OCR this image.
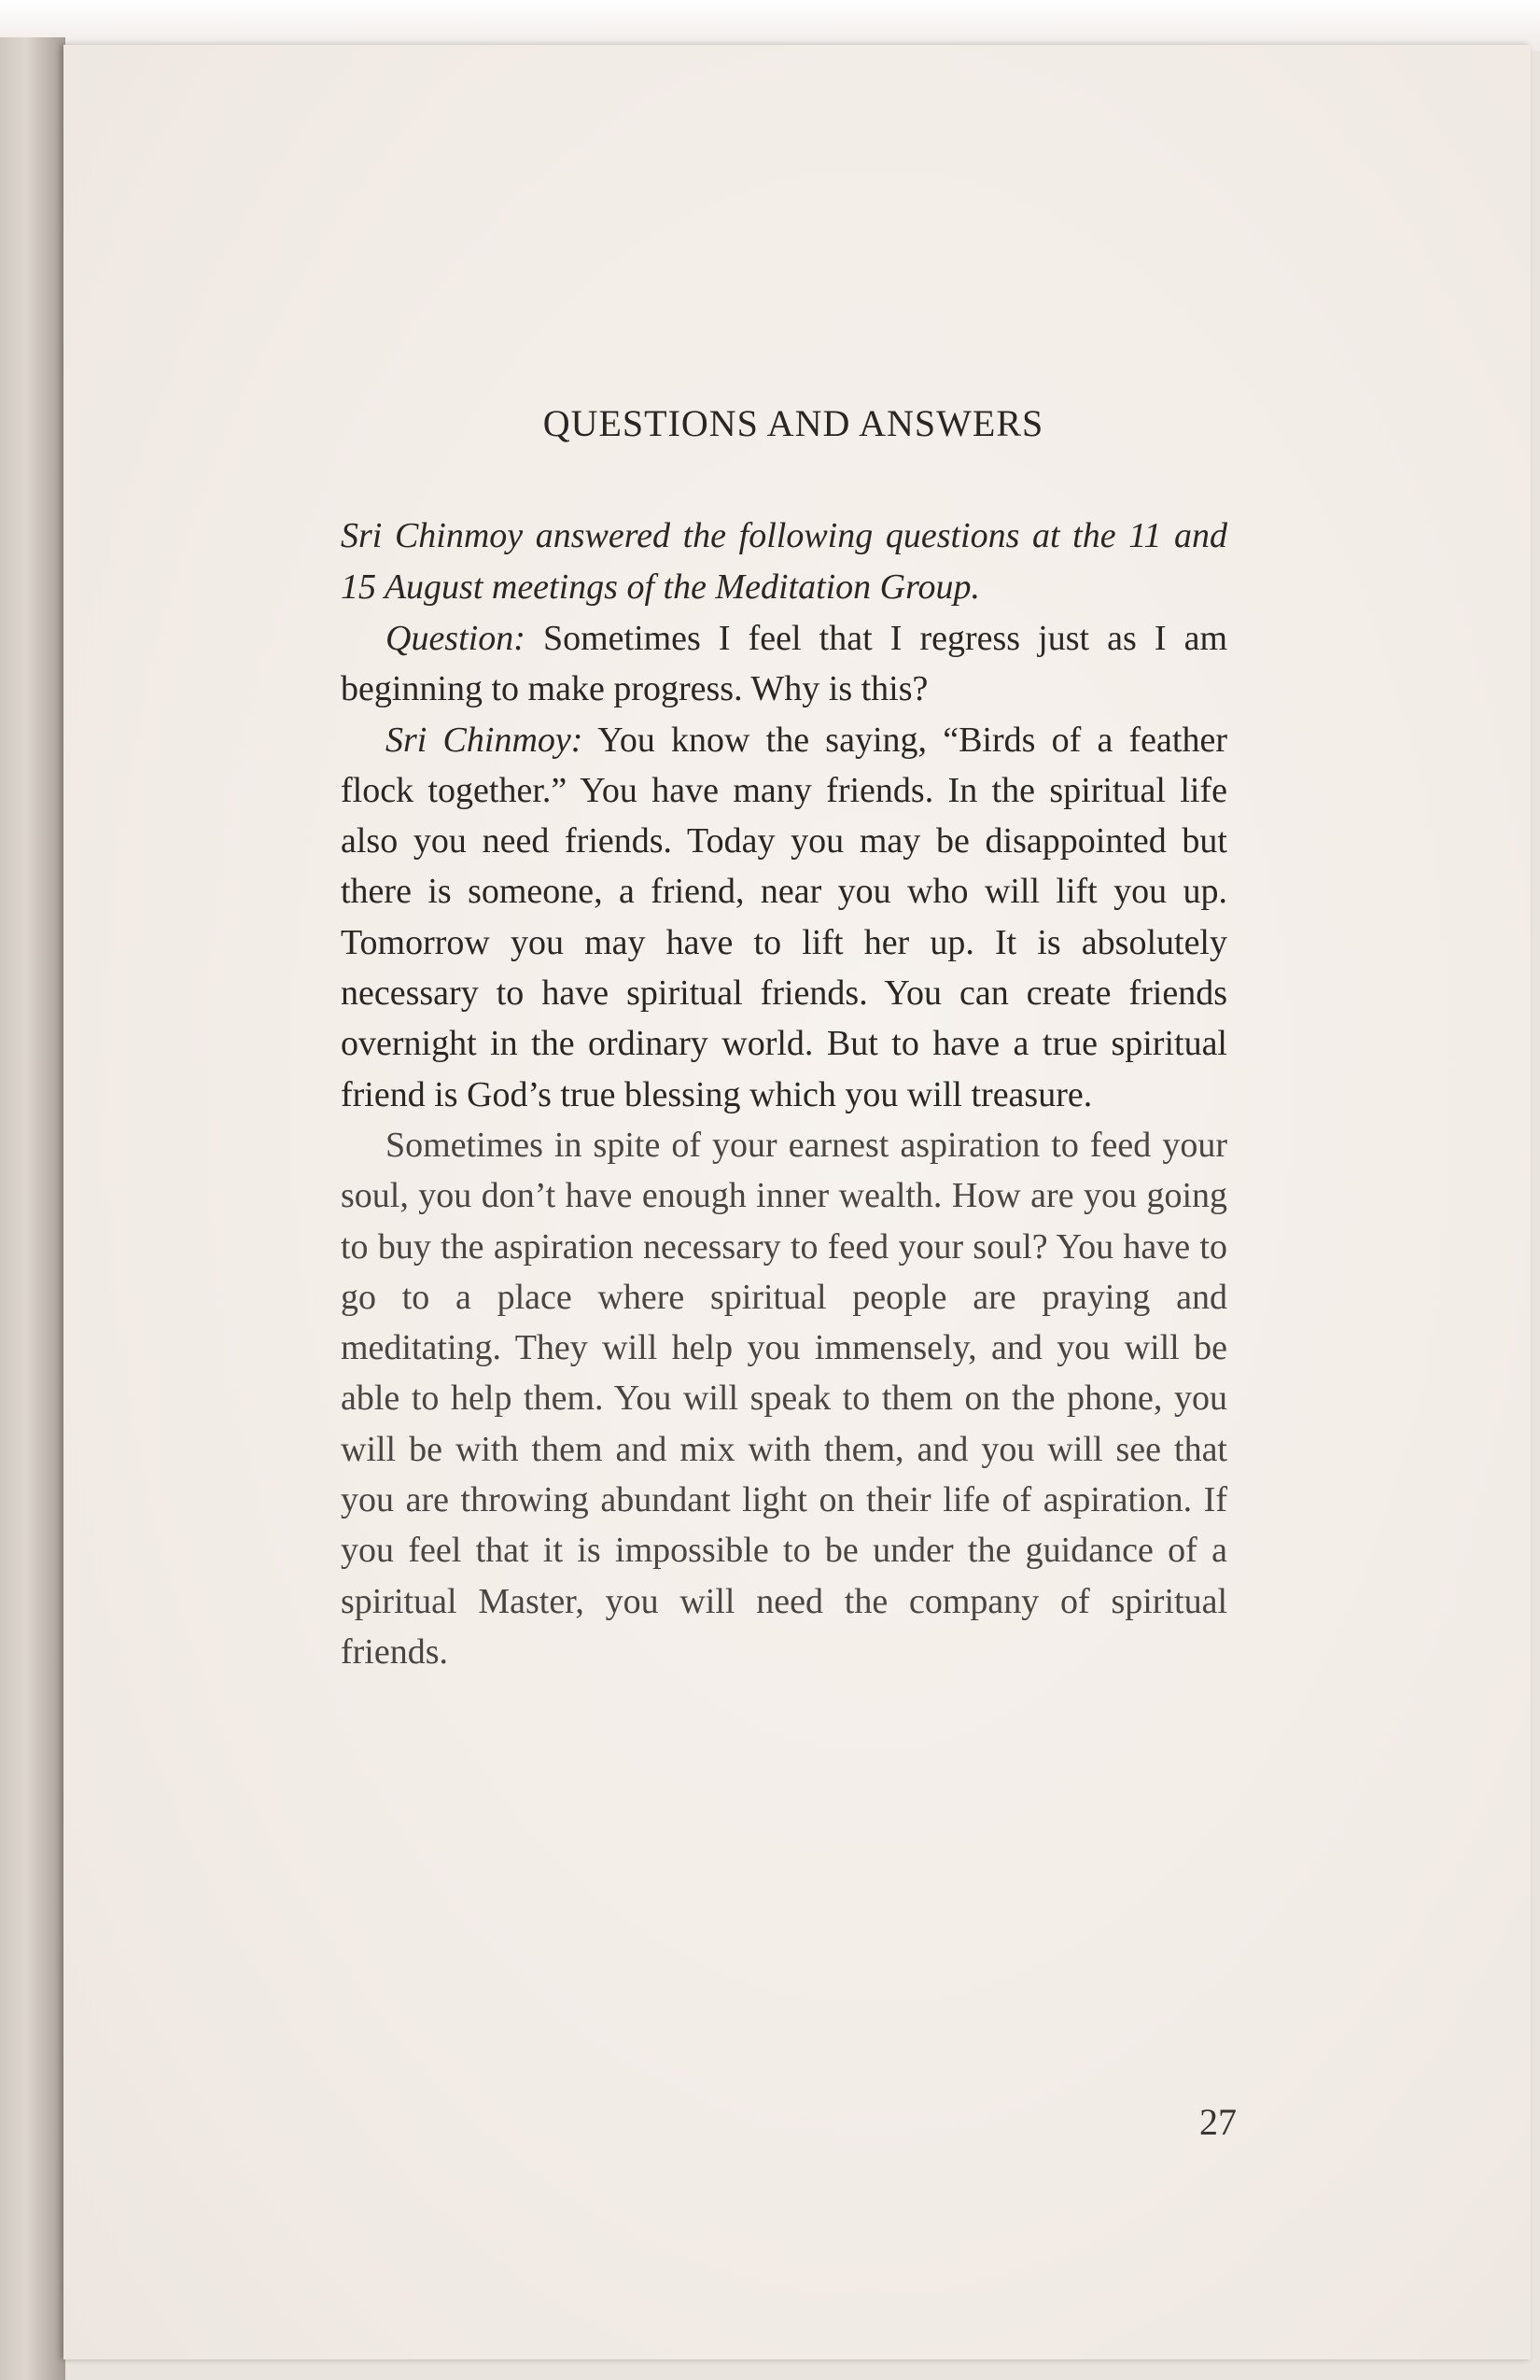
QUESTIONS AND ANSWERS

Sri Chinmoy answered the following questions at the 11 and 15 August meetings of the Meditation Group.

Question: Sometimes I feel that I regress just as I am beginning to make progress. Why is this?

Sri Chinmoy: You know the saying, “Birds of a feather flock together.” You have many friends. In the spiritual life also you need friends. Today you may be disappointed but there is someone, a friend, near you who will lift you up. Tomorrow you may have to lift her up. It is absolutely necessary to have spiritual friends. You can create friends overnight in the ordinary world. But to have a true spiritual friend is God’s true blessing which you will treasure.

Sometimes in spite of your earnest aspiration to feed your soul, you don’t have enough inner wealth. How are you going to buy the aspiration necessary to feed your soul? You have to go to a place where spiritual people are praying and meditating. They will help you immensely, and you will be able to help them. You will speak to them on the phone, you will be with them and mix with them, and you will see that you are throwing abundant light on their life of aspiration. If you feel that it is impossible to be under the guidance of a spiritual Master, you will need the company of spiritual friends.

27
